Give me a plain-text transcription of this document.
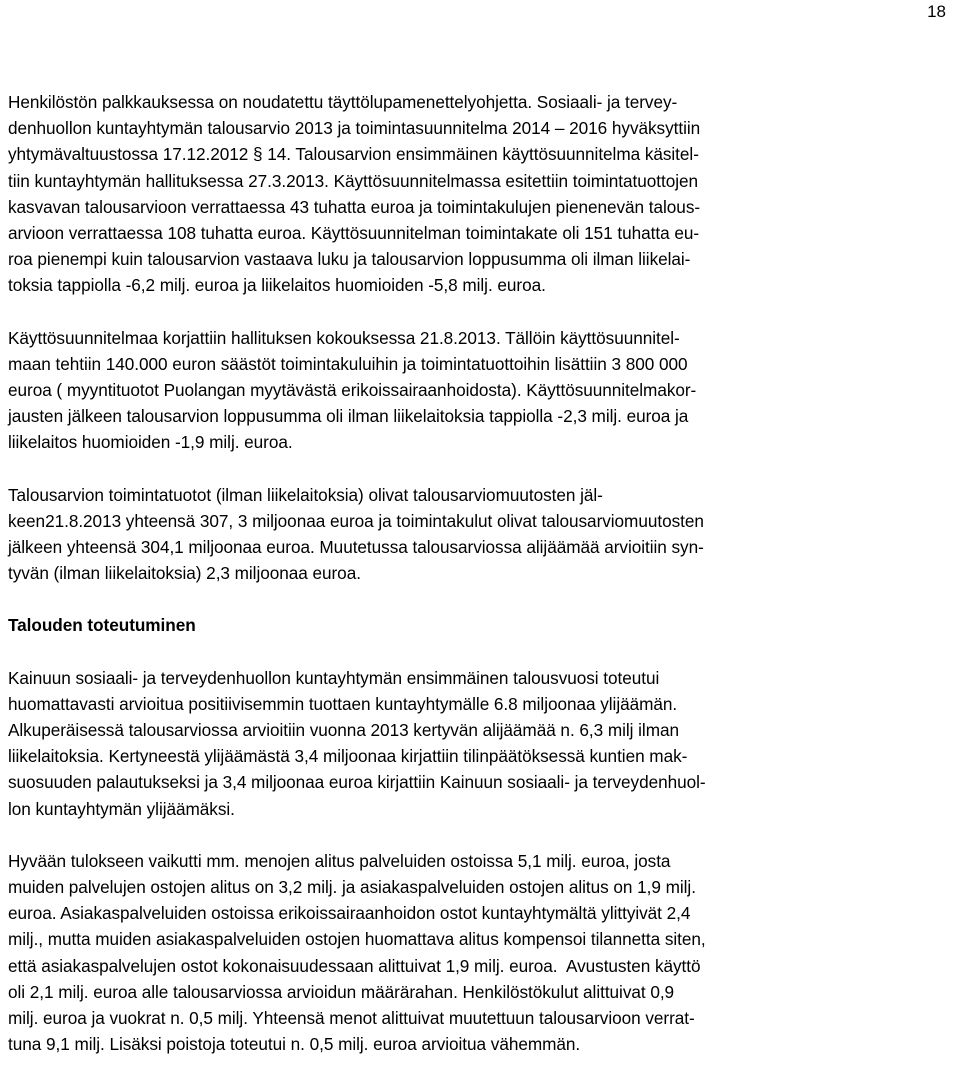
18
Henkilöstön palkkauksessa on noudatettu täyttölupamenettelyohjetta. Sosiaali- ja tervey-
denhuollon kuntayhtymän talousarvio 2013 ja toimintasuunnitelma 2014 – 2016 hyväksyttiin
yhtymävaltuustossa 17.12.2012 § 14. Talousarvion ensimmäinen käyttösuunnitelma käsitel-
tiin kuntayhtymän hallituksessa 27.3.2013. Käyttösuunnitelmassa esitettiin toimintatuottojen
kasvavan talousarvioon verrattaessa 43 tuhatta euroa ja toimintakulujen pienenevän talous-
arvioon verrattaessa 108 tuhatta euroa. Käyttösuunnitelman toimintakate oli 151 tuhatta eu-
roa pienempi kuin talousarvion vastaava luku ja talousarvion loppusumma oli ilman liikelai-
toksia tappiolla -6,2 milj. euroa ja liikelaitos huomioiden -5,8 milj. euroa.
Käyttösuunnitelmaa korjattiin hallituksen kokouksessa 21.8.2013. Tällöin käyttösuunnitel-
maan tehtiin 140.000 euron säästöt toimintakuluihin ja toimintatuottoihin lisättiin 3 800 000
euroa ( myyntituotot Puolangan myytävästä erikoissairaanhoidosta). Käyttösuunnitelmakor-
jausten jälkeen talousarvion loppusumma oli ilman liikelaitoksia tappiolla -2,3 milj. euroa ja
liikelaitos huomioiden -1,9 milj. euroa.
Talousarvion toimintatuotot (ilman liikelaitoksia) olivat talousarviomuutosten jäl-
keen21.8.2013 yhteensä 307, 3 miljoonaa euroa ja toimintakulut olivat talousarviomuutosten
jälkeen yhteensä 304,1 miljoonaa euroa. Muutetussa talousarviossa alijäämää arvioitiin syn-
tyvän (ilman liikelaitoksia) 2,3 miljoonaa euroa.
Talouden toteutuminen
Kainuun sosiaali- ja terveydenhuollon kuntayhtymän ensimmäinen talousvuosi toteutui
huomattavasti arvioitua positiivisemmin tuottaen kuntayhtymälle 6.8 miljoonaa ylijäämän.
Alkuperäisessä talousarviossa arvioitiin vuonna 2013 kertyvän alijäämää n. 6,3 milj ilman
liikelaitoksia. Kertyneestä ylijäämästä 3,4 miljoonaa kirjattiin tilinpäätöksessä kuntien mak-
suosuuden palautukseksi ja 3,4 miljoonaa euroa kirjattiin Kainuun sosiaali- ja terveydenhuol-
lon kuntayhtymän ylijäämäksi.
Hyvään tulokseen vaikutti mm. menojen alitus palveluiden ostoissa 5,1 milj. euroa, josta
muiden palvelujen ostojen alitus on 3,2 milj. ja asiakaspalveluiden ostojen alitus on 1,9 milj.
euroa. Asiakaspalveluiden ostoissa erikoissairaanhoidon ostot kuntayhtymältä ylittyivät 2,4
milj., mutta muiden asiakaspalveluiden ostojen huomattava alitus kompensoi tilannetta siten,
että asiakaspalvelujen ostot kokonaisuudessaan alittuivat 1,9 milj. euroa.  Avustusten käyttö
oli 2,1 milj. euroa alle talousarviossa arvioidun määrärahan. Henkilöstökulut alittuivat 0,9
milj. euroa ja vuokrat n. 0,5 milj. Yhteensä menot alittuivat muutettuun talousarvioon verrat-
tuna 9,1 milj. Lisäksi poistoja toteutui n. 0,5 milj. euroa arvioitua vähemmän.
